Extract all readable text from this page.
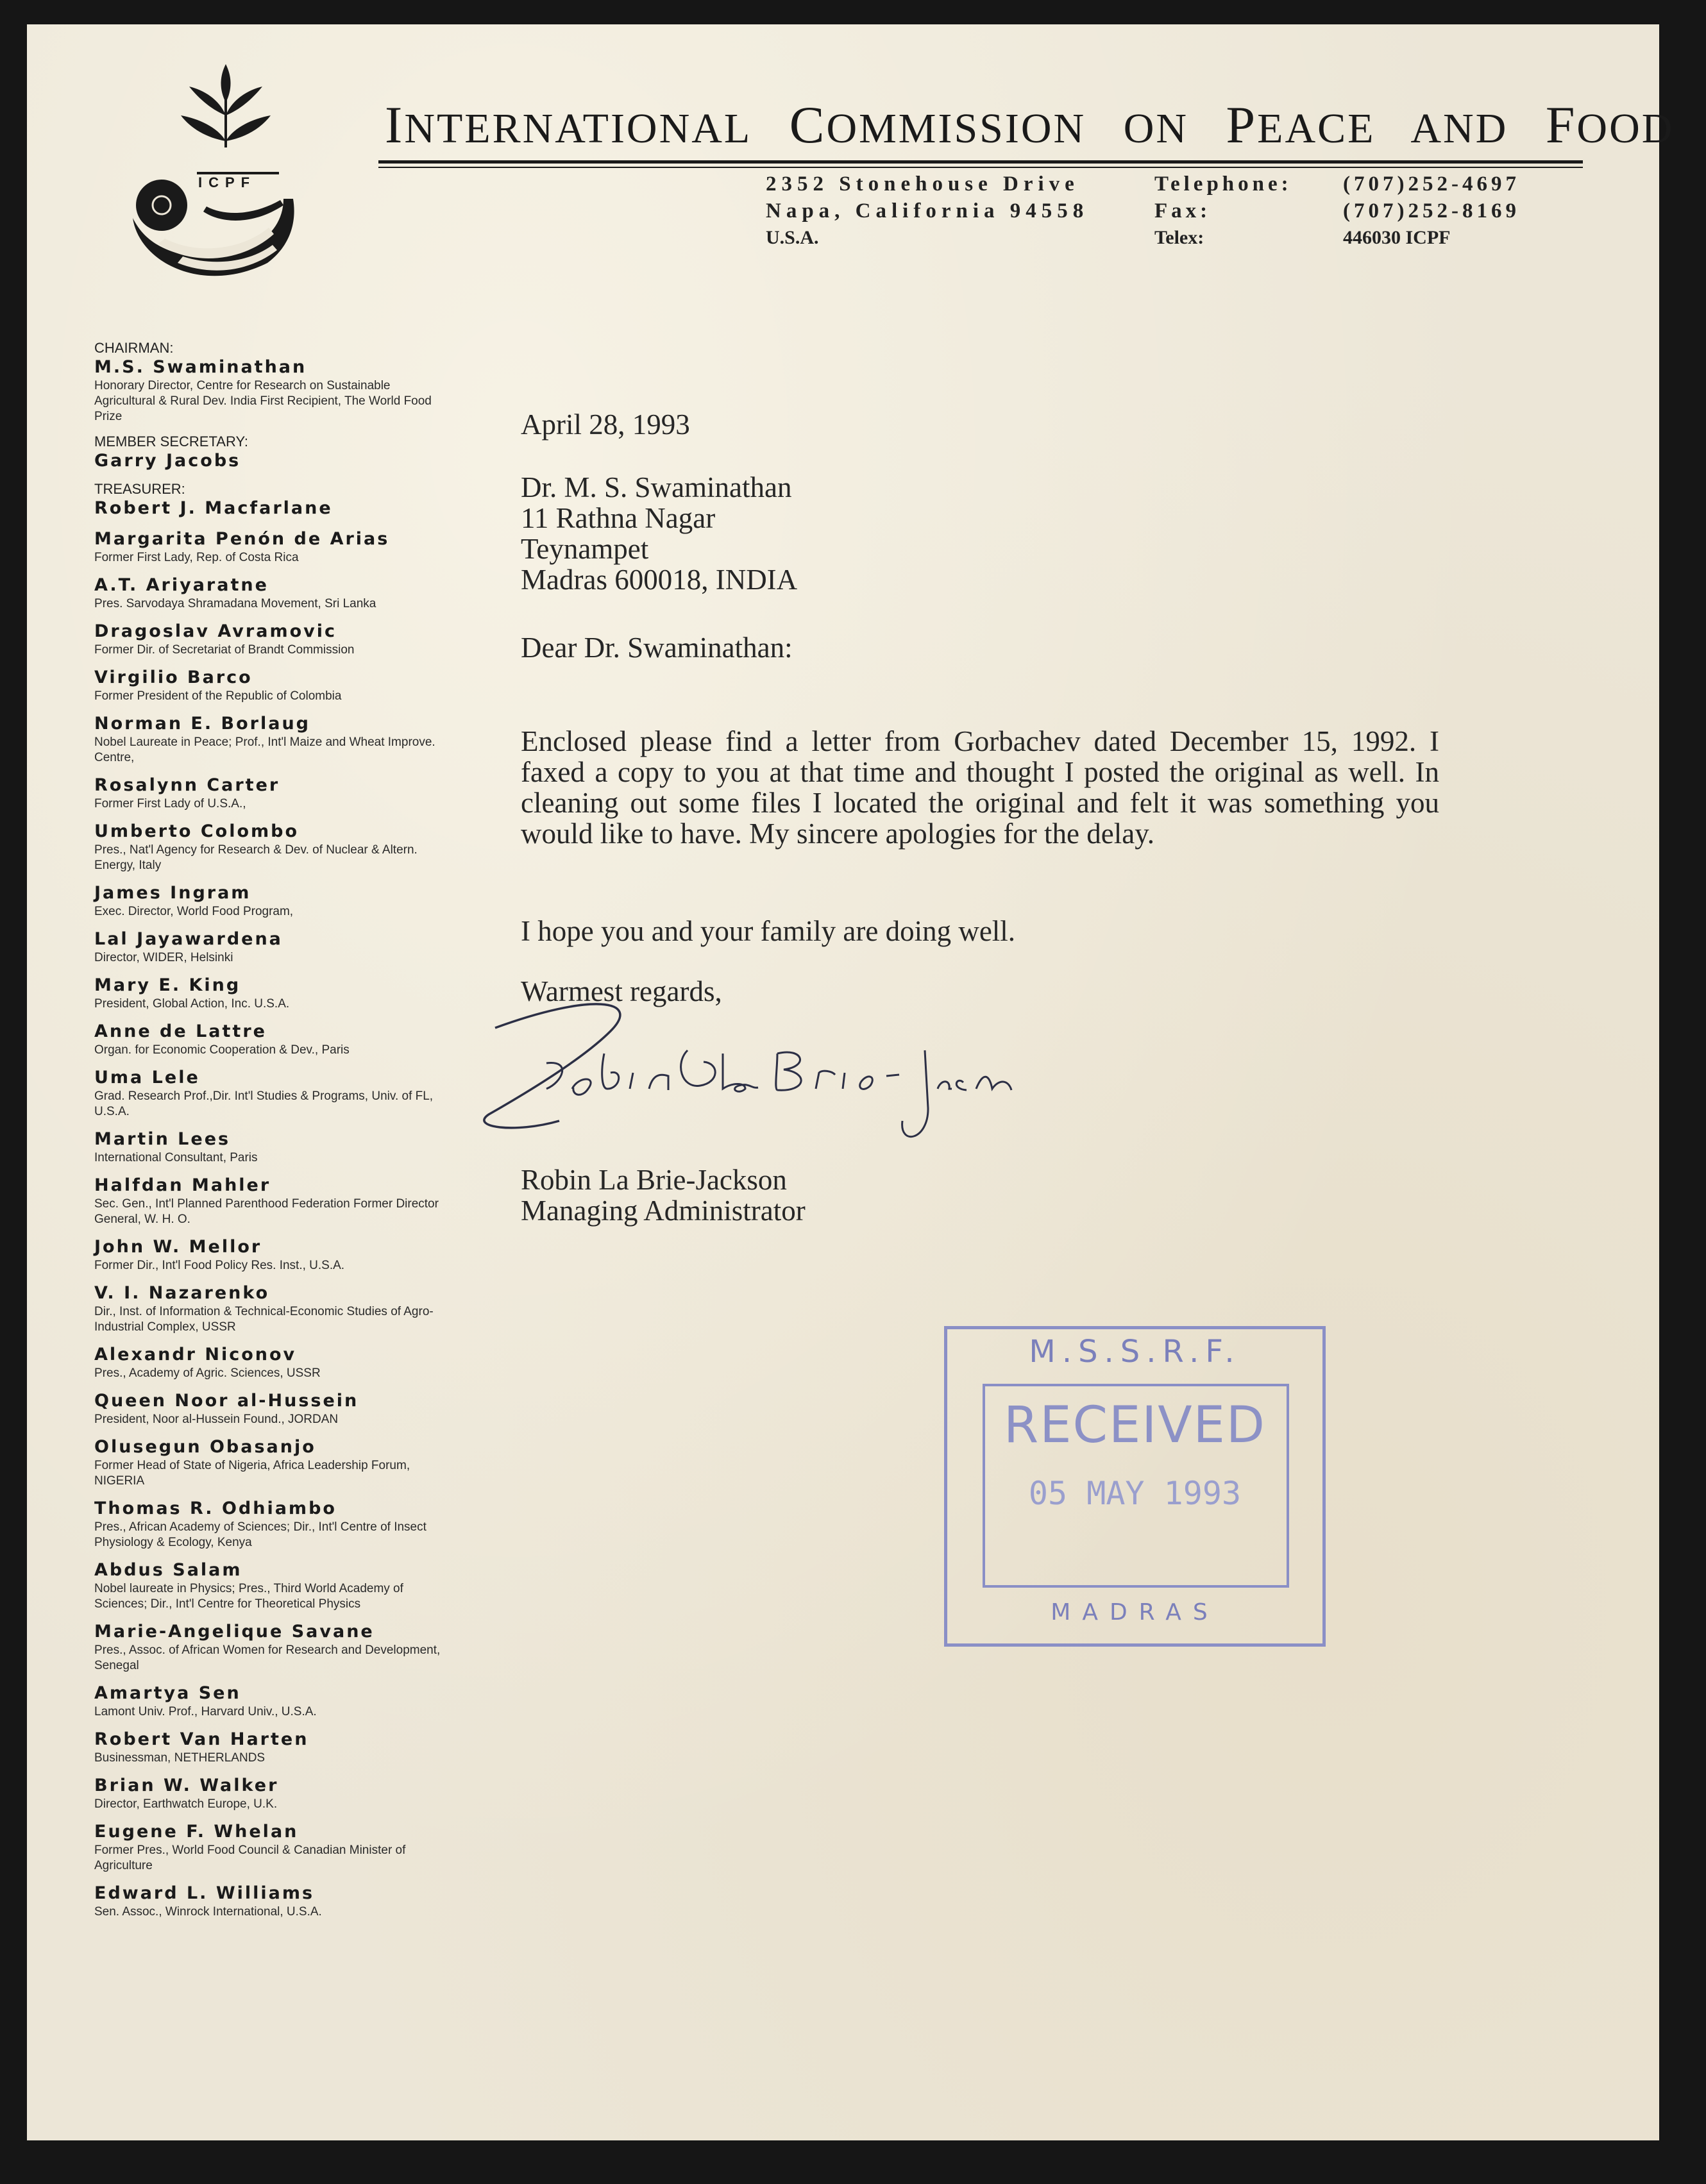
ICPF
INTERNATIONAL COMMISSION ON PEACE AND FOOD
2352 Stonehouse Drive
Napa, California 94558
U.S.A.
Telephone:
Fax:
Telex:
(707)252-4697
(707)252-8169
446030 ICPF
CHAIRMAN:
M.S. Swaminathan
Honorary Director, Centre for Research on Sustainable Agricultural & Rural Dev. India First Recipient, The World Food Prize
MEMBER SECRETARY:
Garry Jacobs
TREASURER:
Robert J. Macfarlane
Margarita Penón de Arias
Former First Lady, Rep. of Costa Rica
A.T. Ariyaratne
Pres. Sarvodaya Shramadana Movement, Sri Lanka
Dragoslav Avramovic
Former Dir. of Secretariat of Brandt Commission
Virgilio Barco
Former President of the Republic of Colombia
Norman E. Borlaug
Nobel Laureate in Peace; Prof., Int'l Maize and Wheat Improve. Centre,
Rosalynn Carter
Former First Lady of U.S.A.,
Umberto Colombo
Pres., Nat'l Agency for Research & Dev. of Nuclear & Altern. Energy, Italy
James Ingram
Exec. Director, World Food Program,
Lal Jayawardena
Director, WIDER, Helsinki
Mary E. King
President, Global Action, Inc. U.S.A.
Anne de Lattre
Organ. for Economic Cooperation & Dev., Paris
Uma Lele
Grad. Research Prof.,Dir. Int'l Studies & Programs, Univ. of FL, U.S.A.
Martin Lees
International Consultant, Paris
Halfdan Mahler
Sec. Gen., Int'l Planned Parenthood Federation Former Director General, W. H. O.
John W. Mellor
Former Dir., Int'l Food Policy Res. Inst., U.S.A.
V. I. Nazarenko
Dir., Inst. of Information & Technical-Economic Studies of Agro-Industrial Complex, USSR
Alexandr Niconov
Pres., Academy of Agric. Sciences, USSR
Queen Noor al-Hussein
President, Noor al-Hussein Found., JORDAN
Olusegun Obasanjo
Former Head of State of Nigeria, Africa Leadership Forum, NIGERIA
Thomas R. Odhiambo
Pres., African Academy of Sciences; Dir., Int'l Centre of Insect Physiology & Ecology, Kenya
Abdus Salam
Nobel laureate in Physics; Pres., Third World Academy of Sciences; Dir., Int'l Centre for Theoretical Physics
Marie-Angelique Savane
Pres., Assoc. of African Women for Research and Development, Senegal
Amartya Sen
Lamont Univ. Prof., Harvard Univ., U.S.A.
Robert Van Harten
Businessman, NETHERLANDS
Brian W. Walker
Director, Earthwatch Europe, U.K.
Eugene F. Whelan
Former Pres., World Food Council & Canadian Minister of Agriculture
Edward L. Williams
Sen. Assoc., Winrock International, U.S.A.
April 28, 1993
Dr. M. S. Swaminathan
11 Rathna Nagar
Teynampet
Madras 600018, INDIA
Dear Dr. Swaminathan:
Enclosed please find a letter from Gorbachev dated December 15, 1992. I faxed a copy to you at that time and thought I posted the original as well. In cleaning out some files I located the original and felt it was something you would like to have. My sincere apologies for the delay.
I hope you and your family are doing well.
Warmest regards,
Robin La Brie-Jackson
Managing Administrator
M.S.S.R.F.
RECEIVED
05 MAY 1993
MADRAS
